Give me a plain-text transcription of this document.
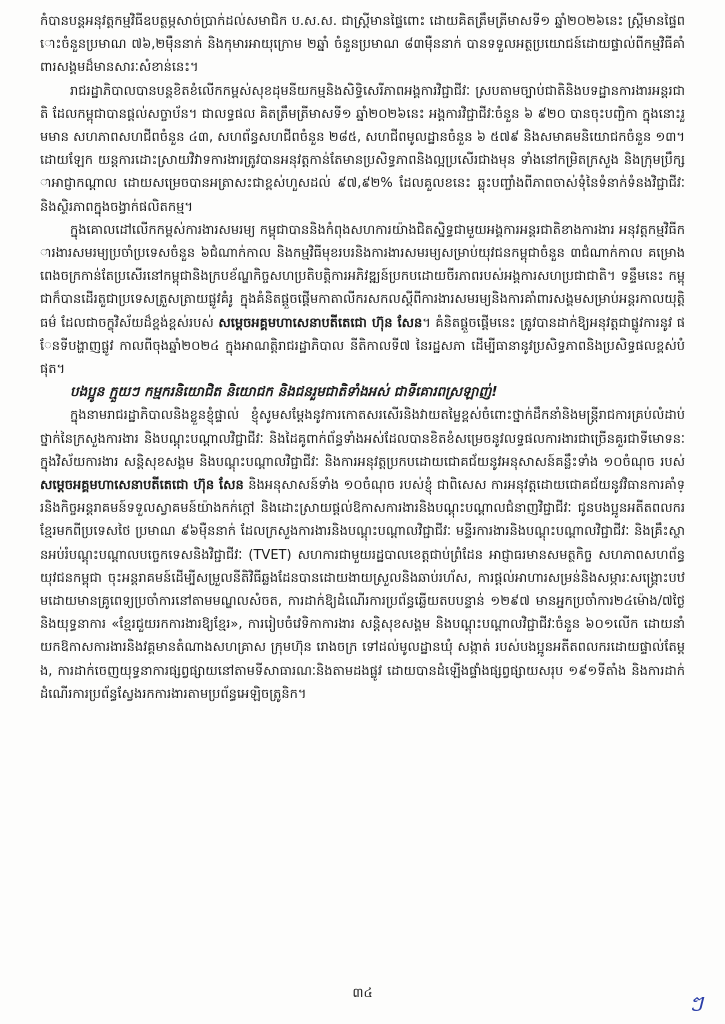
កំបានបន្តអនុវត្តកម្មវិធីឧបត្ថម្ភសាច់ប្រាក់ដល់សមាជិក ប.ស.ស. ជាស្ត្រីមានផ្ទៃពោះ ដោយគិតត្រឹមត្រីមាសទី១ ឆ្នាំ២០២៦នេះ ស្ត្រីមានផ្ទៃពោះចំនួនប្រមាណ ៧៦,២ម៉ឺននាក់ និងកុមារអាយុក្រោម ២ឆ្នាំ ចំនួនប្រមាណ ៨៣ម៉ឺននាក់ បានទទួលអត្ថប្រយោជន៍ដោយផ្ទាល់ពីកម្មវិធីគាំពារសង្គមដ៏មានសារៈសំខាន់នេះ។

រាជរដ្ឋាភិបាលបានបន្តខិតខំលើកកម្ពស់សុខដុមនីយកម្មនិងសិទ្ធិសេរីភាពអង្គការវិជ្ជាជីវៈ ស្របតាមច្បាប់ជាតិនិងបទដ្ឋានការងារអន្តរជាតិ ដែលកម្ពុជាបានផ្តល់សច្ចាប័ន។ ជាលទ្ធផល គិតត្រឹមត្រីមាសទី១ ឆ្នាំ២០២៦នេះ អង្គការវិជ្ជាជីវៈចំនួន ៦ ៩២០ បានចុះបញ្ជិកា ក្នុងនោះរួមមាន សហភាពសហជីពចំនួន ៤៣, សហព័ន្ធសហជីពចំនួន ២៨៥, សហជីពមូលដ្ឋានចំនួន ៦ ៥៧៩ និងសមាគមនិយោជកចំនួន ១៣។ ដោយឡែក យន្តការដោះស្រាយវិវាទការងារត្រូវបានអនុវត្តកាន់តែមានប្រសិទ្ធភាពនិងល្អប្រសើរជាងមុន ទាំងនៅកម្រិតក្រសួង និងក្រុមប្រឹក្សាអាជ្ញាកណ្តាល ដោយសម្រេចបានអត្រាសះជាខ្ពស់ហួសដល់ ៩៧,៩២% ដែលគួលខនេះ ឆ្លុះបញ្ចាំងពីភាពចាស់ទុំនៃទំនាក់ទំនងវិជ្ជាជីវៈ និងស្ថិរភាពក្នុងចង្វាក់ផលិតកម្ម។

ក្នុងគោលដៅលើកកម្ពស់ការងារសមរម្យ កម្ពុជាបាននិងកំពុងសហការយ៉ាងជិតស្និទ្ធជាមួយអង្គការអន្តរជាតិខាងការងារ អនុវត្តកម្មវិធីការងារសមរម្យប្រចាំប្រទេសចំនួន ៦ជំណាក់កាល និងកម្មវិធីមុខរបរនិងការងារសមរម្យសម្រាប់យុវជនកម្ពុជាចំនួន ៣ជំណាក់កាល គម្រោងពេងចក្រកាន់តែប្រសើរនៅកម្ពុជានិងក្របខ័ណ្ឌកិច្ចសហប្រតិបត្តិការអភិវឌ្ឍន៍ប្រកបដោយចីរភាពរបស់អង្គការសហប្រជាជាតិ។ ទន្ទឹមនេះ កម្ពុជាក៏បានដើរតួជាប្រទេសត្រួសត្រាយផ្លូវគំរូ ក្នុងគំនិតផ្តួចផ្តើមកាតាលីករសកលស្តីពីការងារសមរម្យនិងការគាំពារសង្គមសម្រាប់អន្តរកាលយុត្តិធម៌ ដែលជាចក្ខុវិស័យដ៏ខ្ពង់ខ្ពស់របស់ សម្តេចអគ្គមហាសេនាបតីតេជោ ហ៊ុន សែន។ គំនិតផ្តួចផ្តើមនេះ ត្រូវបានដាក់ឱ្យអនុវត្តជាផ្លូវការនូវ ផែនទីបង្ហាញផ្លូវ កាលពីចុងឆ្នាំ២០២៤ ក្នុងអាណត្តិរាជរដ្ឋាភិបាល នីតិកាលទី៧ នៃរដ្ឋសភា ដើម្បីធានានូវប្រសិទ្ធភាពនិងប្រសិទ្ធផលខ្ពស់បំផុត។

បងប្អូន ក្មួយៗ កម្មករនិយោជិត និយោជក និងជនរួមជាតិទាំងអស់ ជាទីគោរពស្រឡាញ់!

ក្នុងនាមរាជរដ្ឋាភិបាលនិងខ្លួនខ្ញុំផ្ទាល់ ខ្ញុំសូមសម្តែងនូវការកោតសរសើរនិងវាយតម្លៃខ្ពស់ចំពោះថ្នាក់ដឹកនាំនិងមន្ត្រីរាជការគ្រប់លំដាប់ថ្នាក់នៃក្រសួងការងារ និងបណ្តុះបណ្តាលវិជ្ជាជីវៈ និងដៃគូពាក់ព័ន្ធទាំងអស់ដែលបានខិតខំសម្រេចនូវលទ្ធផលការងារជាច្រើនគួរជាទីមោទនៈក្នុងវិស័យការងារ សន្តិសុខសង្គម និងបណ្តុះបណ្តាលវិជ្ជាជីវៈ និងការអនុវត្តប្រកបដោយជោគជ័យនូវអនុសាសន៍គន្លឹះទាំង ១០ចំណុច របស់ សម្តេចអគ្គមហាសេនាបតីតេជោ ហ៊ុន សែន និងអនុសាសន៍ទាំង ១០ចំណុច របស់ខ្ញុំ ជាពិសេស ការអនុវត្តដោយជោគជ័យនូវវិធានការគាំទ្រនិងកិច្ចអន្តរាគមន៍ទទួលស្វាគមន៍យ៉ាងកក់ក្តៅ និងដោះស្រាយផ្តល់ឱកាសការងារនិងបណ្តុះបណ្តាលជំនាញវិជ្ជាជីវៈ ជូនបងប្អូនអតីតពលករខ្មែរមកពីប្រទេសថៃ ប្រមាណ ៩៦ម៉ឺននាក់ ដែលក្រសួងការងារនិងបណ្តុះបណ្តាលវិជ្ជាជីវៈ មន្ទីរការងារនិងបណ្តុះបណ្តាលវិជ្ជាជីវៈ និងគ្រឹះស្ថានអប់រំបណ្តុះបណ្តាលបច្ចេកទេសនិងវិជ្ជាជីវៈ (TVET) សហការជាមួយរដ្ឋបាលខេត្តជាប់ព្រំដែន អាជ្ញាធរមានសមត្ថកិច្ច សហភាពសហព័ន្ធយុវជនកម្ពុជា ចុះអន្តរាគមន៍ដើម្បីសម្រួលនីតិវិធីឆ្លងដែនបានដោយងាយស្រួលនិងឆាប់រហ័ស, ការផ្តល់អាហារសម្រន់និងសម្ភារៈសង្គ្រោះបឋមដោយមានគ្រូពេទ្យប្រចាំការនៅតាមមណ្ឌលសំចត, ការដាក់ឱ្យដំណើរការប្រព័ន្ធឆ្លើយតបបន្ទាន់ ១២៩៧ មានអ្នកប្រចាំការ២៤ម៉ោង/៧ថ្ងៃ និងយុទ្ធនាការ «ខ្មែរជួយរកការងារឱ្យខ្មែរ», ការរៀបចំវេទិកាការងារ សន្តិសុខសង្គម និងបណ្តុះបណ្តាលវិជ្ជាជីវៈចំនួន ៦០១លើក ដោយនាំយកឱកាសការងារនិងវគ្គមានតំណាងសហគ្រាស ក្រុមហ៊ុន រោងចក្រ ទៅដល់មូលដ្ឋានឃុំ សង្កាត់ របស់បងប្អូនអតីតពលករដោយផ្ទាល់តែម្តង, ការដាក់ចេញយុទ្ធនាការផ្សព្វផ្សាយនៅតាមទីសាធារណៈនិងតាមដងផ្លូវ ដោយបានដំឡើងផ្ទាំងផ្សព្វផ្សាយសរុប ១៩១ទីតាំង និងការដាក់ដំណើរការប្រព័ន្ធស្វែងរកការងារតាមប្រព័ន្ធអេឡិចត្រូនិក។

៣៤	ៗ
